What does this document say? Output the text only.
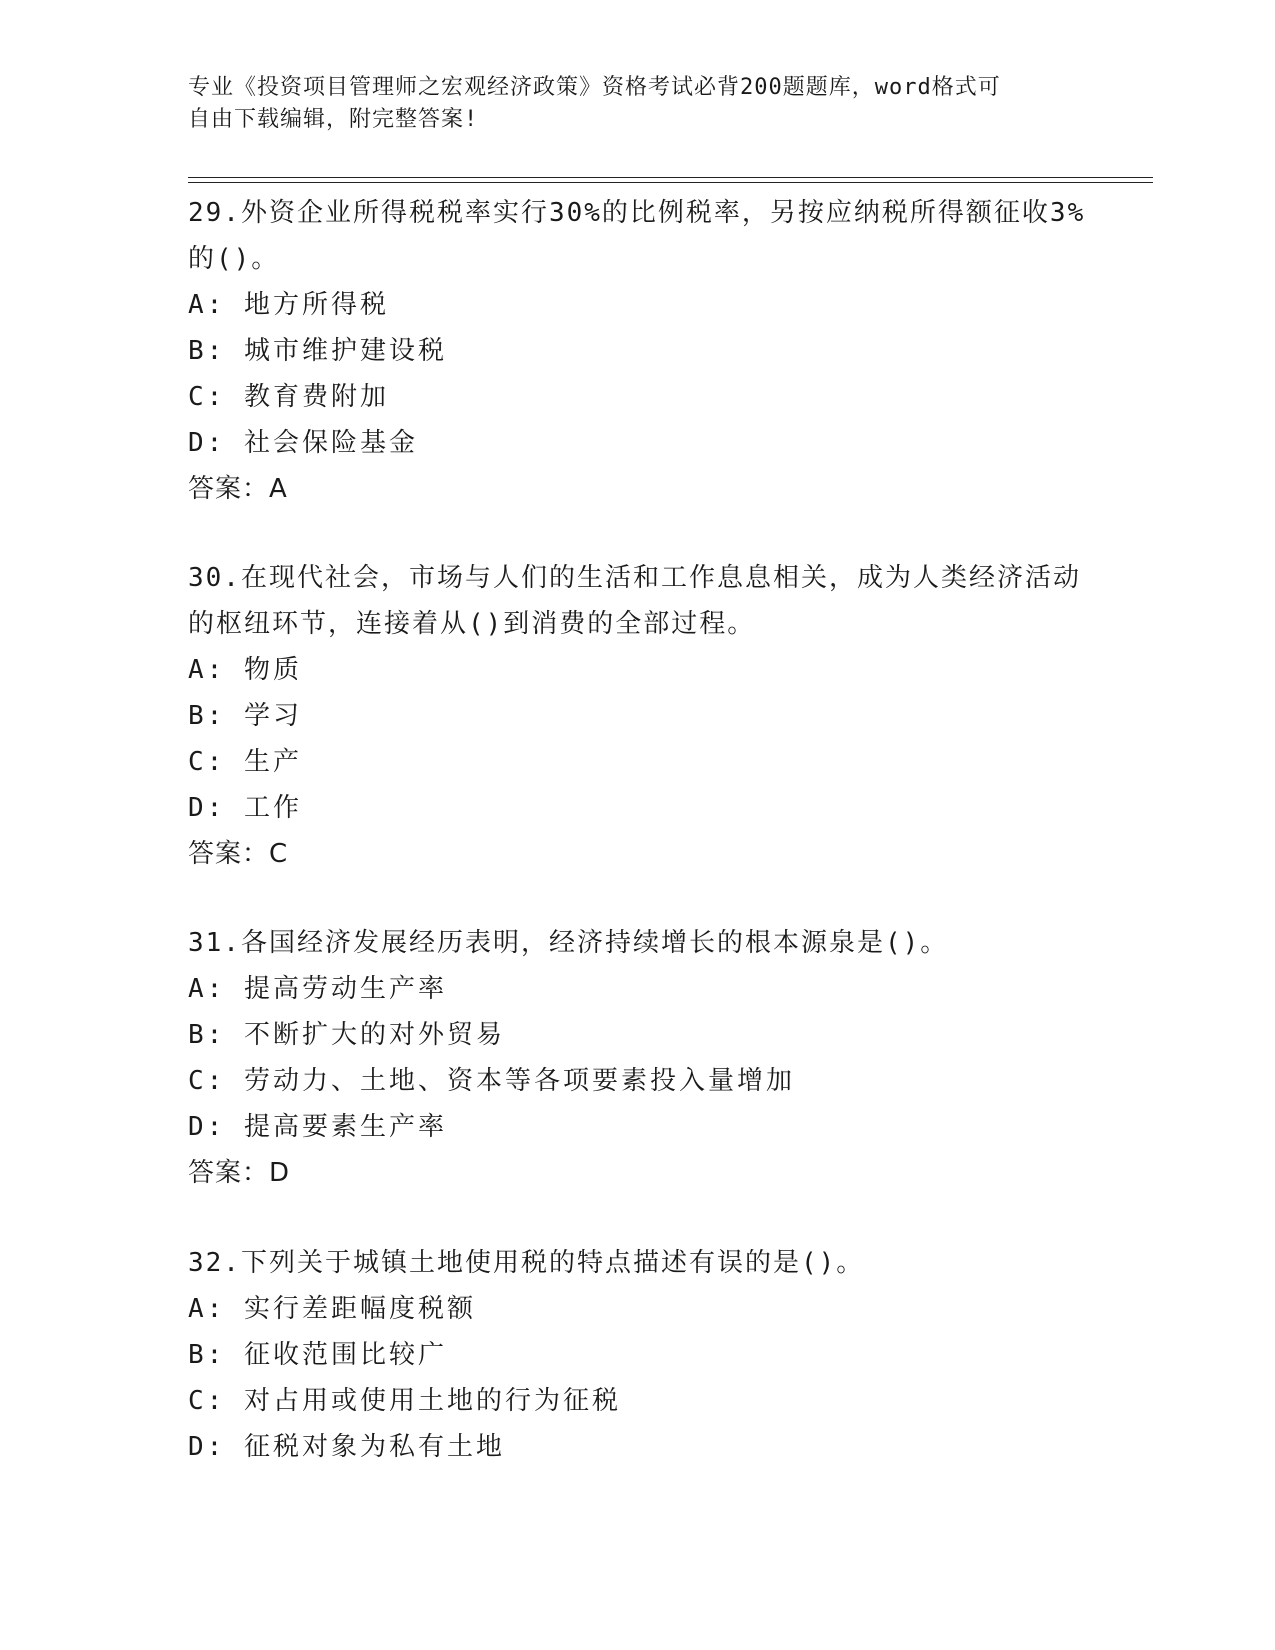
专业《投资项目管理师之宏观经济政策》资格考试必背200题题库，word格式可
自由下载编辑，附完整答案!

29.外资企业所得税税率实行30%的比例税率，另按应纳税所得额征收3%的()。

A: 地方所得税

B: 城市维护建设税

C: 教育费附加

D: 社会保险基金

答案：A

30.在现代社会，市场与人们的生活和工作息息相关，成为人类经济活动的枢纽环节，连接着从()到消费的全部过程。

A: 物质

B: 学习

C: 生产

D: 工作

答案：C

31.各国经济发展经历表明，经济持续增长的根本源泉是()。

A: 提高劳动生产率

B: 不断扩大的对外贸易

C: 劳动力、土地、资本等各项要素投入量增加

D: 提高要素生产率

答案：D

32.下列关于城镇土地使用税的特点描述有误的是()。

A: 实行差距幅度税额

B: 征收范围比较广

C: 对占用或使用土地的行为征税

D: 征税对象为私有土地
